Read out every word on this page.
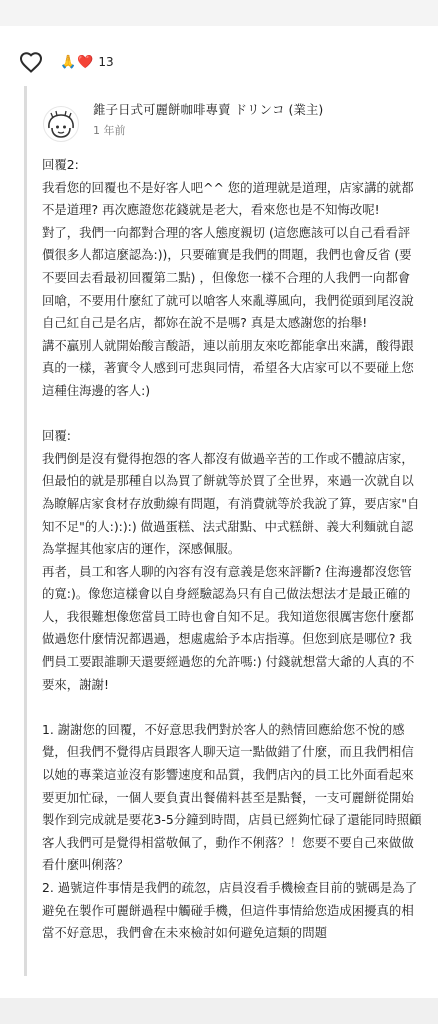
🙏 ❤️ 13
錐子日式可麗餅咖啡專賣 ドリンコ (業主)
1 年前
回覆2:
我看您的回覆也不是好客人吧^^ 您的道理就是道理，店家講的就都不是道理? 再次應證您花錢就是老大，看來您也是不知悔改呢!
對了，我們一向都對合理的客人態度親切 (這您應該可以自己看看評價很多人都這麼認為:))，只要確實是我們的問題，我們也會反省 (要不要回去看最初回覆第二點) ，但像您一樣不合理的人我們一向都會回嗆，不要用什麼紅了就可以嗆客人來亂導風向，我們從頭到尾沒說自己紅自己是名店，都妳在說不是嗎? 真是太感謝您的抬舉!
講不贏別人就開始酸言酸語，連以前朋友來吃都能拿出來講，酸得跟真的一樣，著實令人感到可悲與同情，希望各大店家可以不要碰上您這種住海邊的客人:)

回覆:
我們倒是沒有覺得抱怨的客人都沒有做過辛苦的工作或不體諒店家，但最怕的就是那種自以為買了餅就等於買了全世界，來過一次就自以為瞭解店家食材存放動線有問題，有消費就等於我說了算，要店家"自知不足"的人:):):) 做過蛋糕、法式甜點、中式糕餅、義大利麵就自認為掌握其他家店的運作，深感佩服。
再者，員工和客人聊的內容有沒有意義是您來評斷? 住海邊都沒您管的寬:)。像您這樣會以自身經驗認為只有自己做法想法才是最正確的人，我很難想像您當員工時也會自知不足。我知道您很厲害您什麼都做過您什麼情況都遇過，想處處給予本店指導。但您到底是哪位? 我們員工要跟誰聊天還要經過您的允許嗎:) 付錢就想當大爺的人真的不要來，謝謝!

1. 謝謝您的回覆，不好意思我們對於客人的熱情回應給您不悅的感覺，但我們不覺得店員跟客人聊天這一點做錯了什麼，而且我們相信以她的專業這並沒有影響速度和品質，我們店內的員工比外面看起來要更加忙碌，一個人要負責出餐備料甚至是點餐，一支可麗餅從開始製作到完成就是要花3-5分鐘到時間，店員已經夠忙碌了還能同時照顧客人我們可是覺得相當敬佩了，動作不俐落？！您要不要自己來做做看什麼叫俐落？
2. 過號這件事情是我們的疏忽，店員沒看手機檢查目前的號碼是為了避免在製作可麗餅過程中觸碰手機，但這件事情給您造成困擾真的相當不好意思，我們會在未來檢討如何避免這類的問題
